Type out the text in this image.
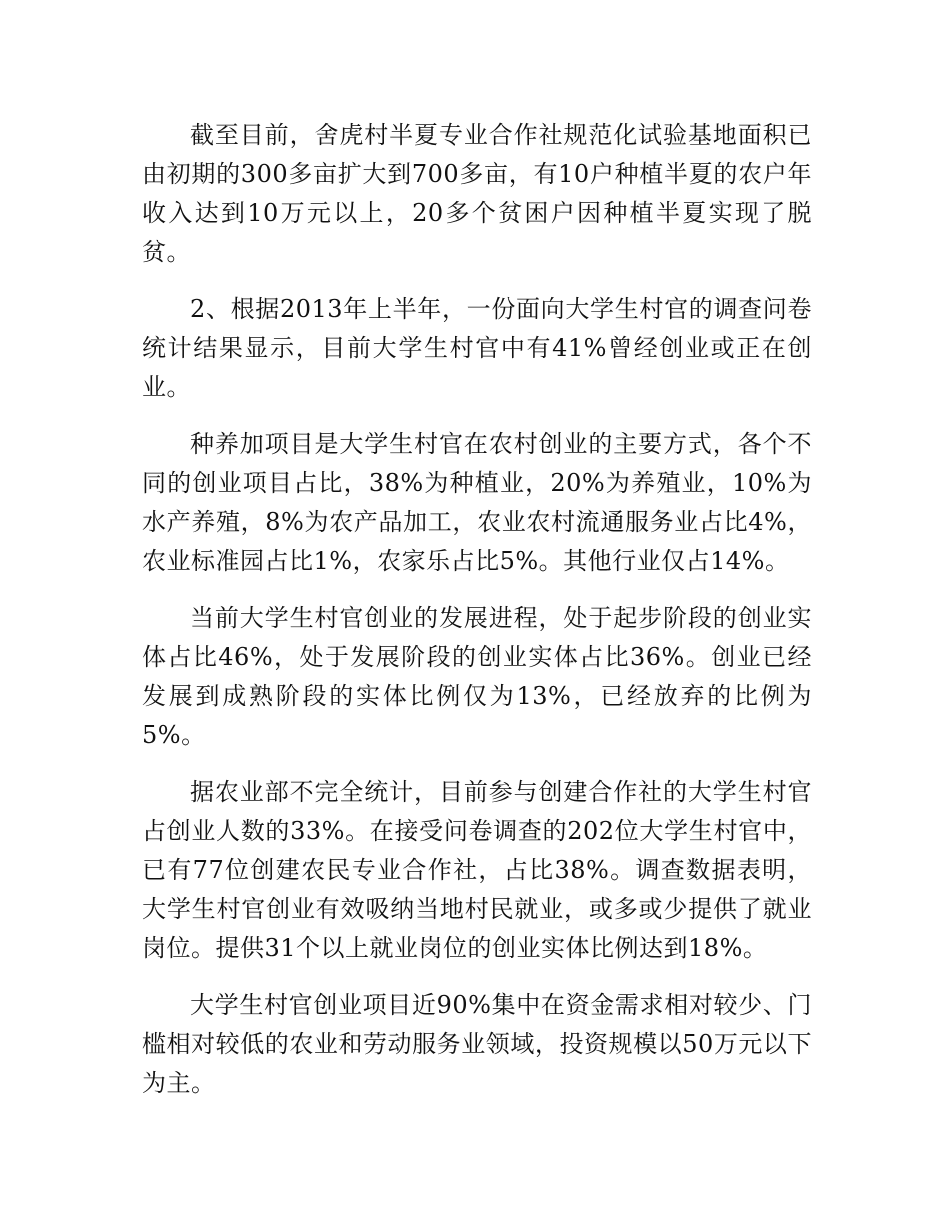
截至目前，舍虎村半夏专业合作社规范化试验基地面积已由初期的300多亩扩大到700多亩，有10户种植半夏的农户年收入达到10万元以上，20多个贫困户因种植半夏实现了脱贫。

2、根据2013年上半年，一份面向大学生村官的调查问卷统计结果显示，目前大学生村官中有41%曾经创业或正在创业。

种养加项目是大学生村官在农村创业的主要方式，各个不同的创业项目占比，38%为种植业，20%为养殖业，10%为水产养殖，8%为农产品加工，农业农村流通服务业占比4%，农业标准园占比1%，农家乐占比5%。其他行业仅占14%。

当前大学生村官创业的发展进程，处于起步阶段的创业实体占比46%，处于发展阶段的创业实体占比36%。创业已经发展到成熟阶段的实体比例仅为13%，已经放弃的比例为5%。

据农业部不完全统计，目前参与创建合作社的大学生村官占创业人数的33%。在接受问卷调查的202位大学生村官中，已有77位创建农民专业合作社，占比38%。调查数据表明，大学生村官创业有效吸纳当地村民就业，或多或少提供了就业岗位。提供31个以上就业岗位的创业实体比例达到18%。

大学生村官创业项目近90%集中在资金需求相对较少、门槛相对较低的农业和劳动服务业领域，投资规模以50万元以下为主。
